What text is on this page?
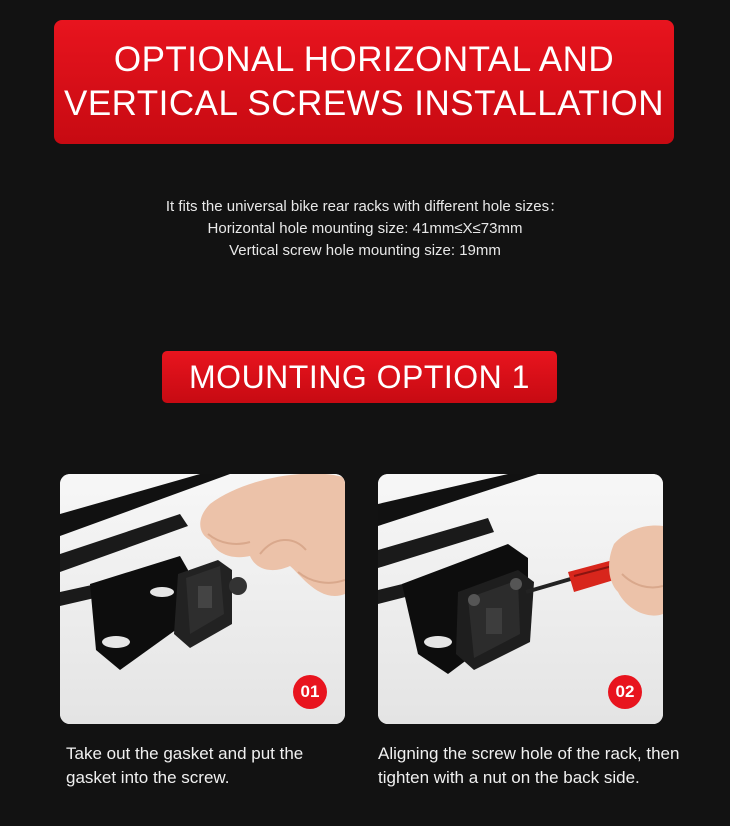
OPTIONAL HORIZONTAL AND
VERTICAL SCREWS INSTALLATION
It fits the universal bike rear racks with different hole sizes：
Horizontal hole mounting size: 41mm≤X≤73mm
Vertical screw hole mounting size: 19mm
MOUNTING OPTION 1
01	02
Take out the gasket and put the gasket into the screw.
Aligning the screw hole of the rack, then tighten with a nut on the back side.
